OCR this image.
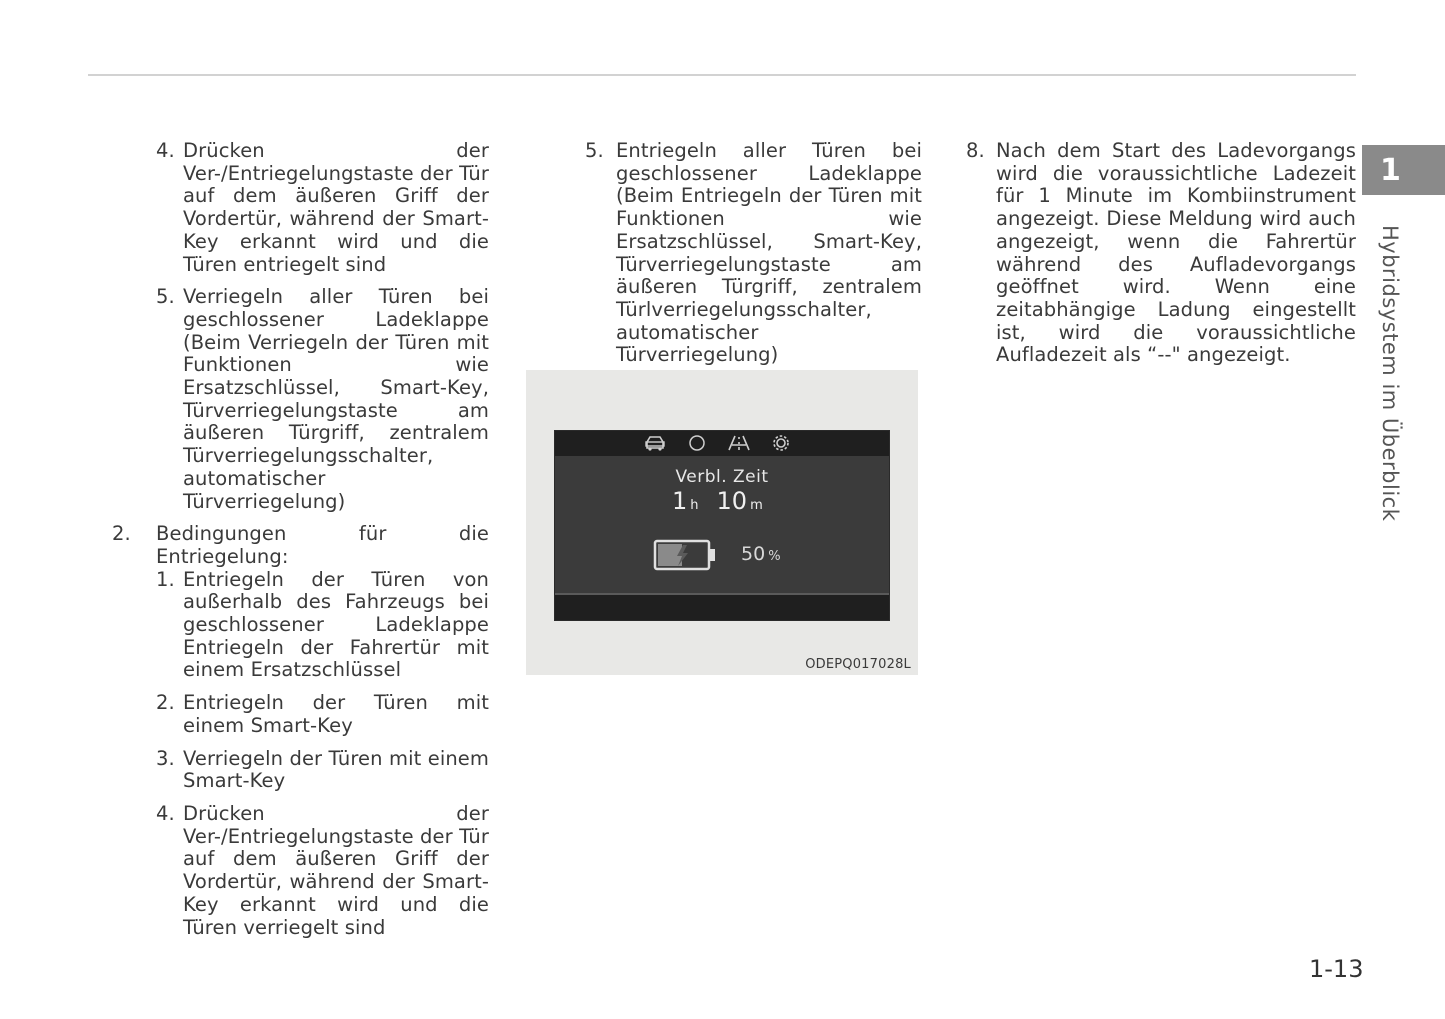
4. Drücken der Ver-/Entriegelungstaste der Tür auf dem äußeren Griff der Vordertür, während der Smart-Key erkannt wird und die Türen entriegelt sind
5. Verriegeln aller Türen bei geschlossener Ladeklappe (Beim Verriegeln der Türen mit Funktionen wie Ersatzschlüssel, Smart-Key, Türverriegelungstaste am äußeren Türgriff, zentralem Türverriegelungsschalter, automatischer Türverriegelung)
2.	Bedingungen für die Entriegelung:
1. Entriegeln der Türen von außerhalb des Fahrzeugs bei geschlossener Ladeklappe Entriegeln der Fahrertür mit einem Ersatzschlüssel
2. Entriegeln der Türen mit einem Smart-Key
3. Verriegeln der Türen mit einem Smart-Key
4. Drücken der Ver-/Entriegelungstaste der Tür auf dem äußeren Griff der Vordertür, während der Smart-Key erkannt wird und die Türen verriegelt sind
5. Entriegeln aller Türen bei geschlossener Ladeklappe (Beim Entriegeln der Türen mit Funktionen wie Ersatzschlüssel, Smart-Key, Türverriegelungstaste am äußeren Türgriff, zentralem Türlverriegelungsschalter, automatischer Türverriegelung)
Verbl. Zeit
1 h 10 m
50 %
ODEPQ017028L
8. Nach dem Start des Ladevorgangs wird die voraussichtliche Ladezeit für 1 Minute im Kombiinstrument angezeigt. Diese Meldung wird auch angezeigt, wenn die Fahrertür während des Aufladevorgangs geöffnet wird. Wenn eine zeitabhängige Ladung eingestellt ist, wird die voraussichtliche Aufladezeit als “--" angezeigt.
1
Hybridsystem im Überblick
1-13
